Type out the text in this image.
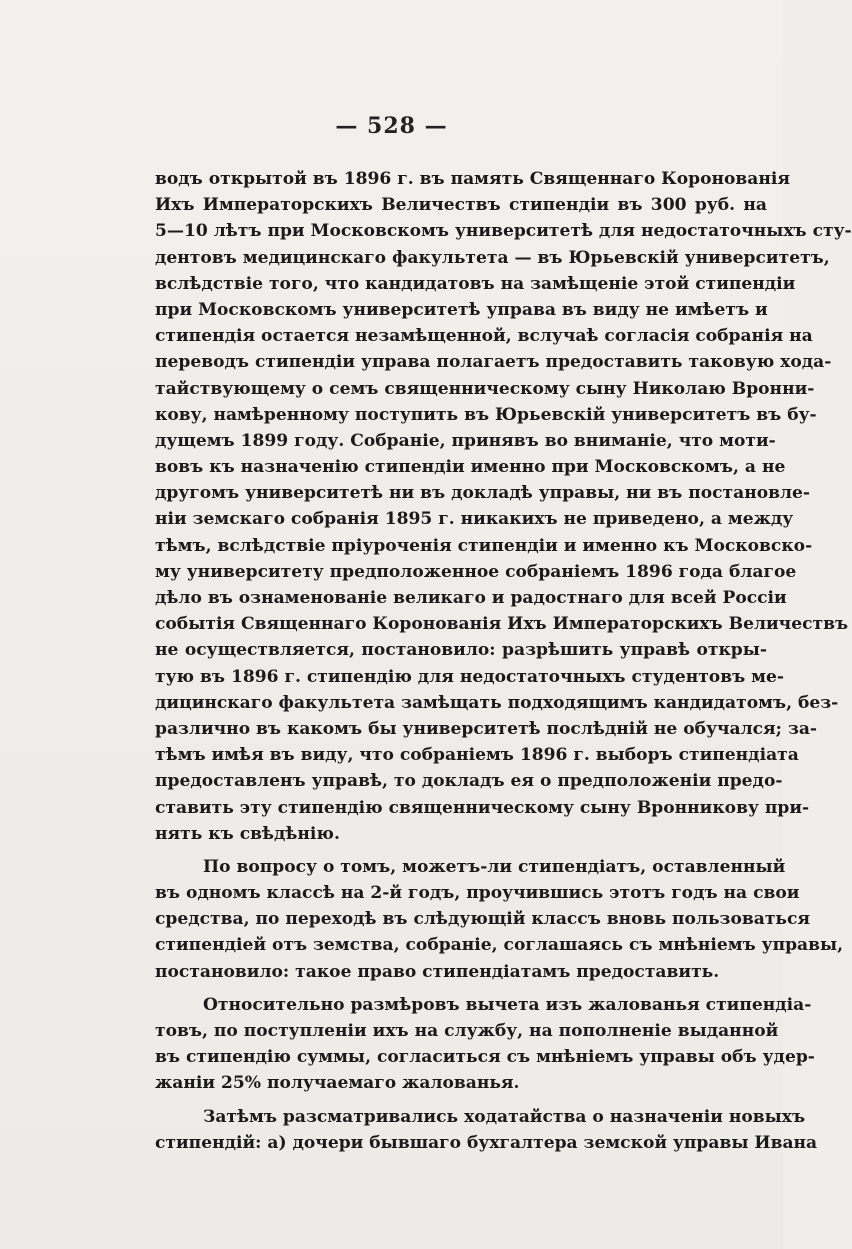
— 528 —
водъ открытой въ 1896 г. въ память Священнаго Коронованія
Ихъ Императорскихъ Величествъ стипендіи въ 300 руб. на
5—10 лѣтъ при Московскомъ университетѣ для недостаточныхъ сту-
дентовъ медицинскаго факультета — въ Юрьевскій университетъ,
вслѣдствіе того, что кандидатовъ на замѣщеніе этой стипендіи
при Московскомъ университетѣ управа въ виду не имѣетъ и
стипендія остается незамѣщенной, вслучаѣ согласія собранія на
переводъ стипендіи управа полагаетъ предоставить таковую хода-
тайствующему о семъ священническому сыну Николаю Вронни-
кову, намѣренному поступить въ Юрьевскій университетъ въ бу-
дущемъ 1899 году. Собраніе, принявъ во вниманіе, что моти-
вовъ къ назначенію стипендіи именно при Московскомъ, а не
другомъ университетѣ ни въ докладѣ управы, ни въ постановле-
ніи земскаго собранія 1895 г. никакихъ не приведено, а между
тѣмъ, вслѣдствіе пріуроченія стипендіи и именно къ Московско-
му университету предположенное собраніемъ 1896 года благое
дѣло въ ознаменованіе великаго и радостнаго для всей Россіи
событія Священнаго Коронованія Ихъ Императорскихъ Величествъ
не осуществляется, постановило: разрѣшить управѣ откры-
тую въ 1896 г. стипендію для недостаточныхъ студентовъ ме-
дицинскаго факультета замѣщать подходящимъ кандидатомъ, без-
различно въ какомъ бы университетѣ послѣдній не обучался; за-
тѣмъ имѣя въ виду, что собраніемъ 1896 г. выборъ стипендіата
предоставленъ управѣ, то докладъ ея о предположеніи предо-
ставить эту стипендію священническому сыну Вронникову при-
нять къ свѣдѣнію.
По вопросу о томъ, можетъ-ли стипендіатъ, оставленный
въ одномъ классѣ на 2-й годъ, проучившись этотъ годъ на свои
средства, по переходѣ въ слѣдующій классъ вновь пользоваться
стипендіей отъ земства, собраніе, соглашаясь съ мнѣніемъ управы,
постановило: такое право стипендіатамъ предоставить.
Относительно размѣровъ вычета изъ жалованья стипендіа-
товъ, по поступленіи ихъ на службу, на пополненіе выданной
въ стипендію суммы, согласиться съ мнѣніемъ управы объ удер-
жаніи 25% получаемаго жалованья.
Затѣмъ разсматривались ходатайства о назначеніи новыхъ
стипендій: а) дочери бывшаго бухгалтера земской управы Ивана
